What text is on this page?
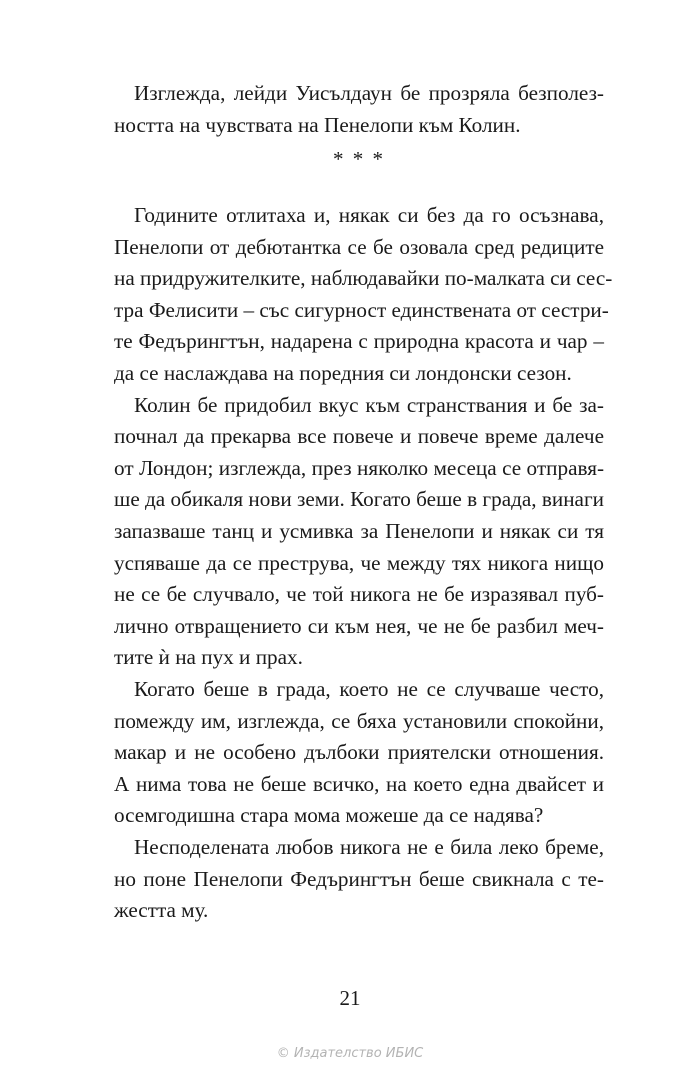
Изглежда, лейди Уисълдаун бе прозряла безполез-
ността на чувствата на Пенелопи към Колин.
* * *
Годините отлитаха и, някак си без да го осъзнава,
Пенелопи от дебютантка се бе озовала сред редиците
на придружителките, наблюдавайки по-малката си сес-
тра Фелисити – със сигурност единствената от сестри-
те Федърингтън, надарена с природна красота и чар –
да се наслаждава на поредния си лондонски сезон.
Колин бе придобил вкус към странствания и бе за-
почнал да прекарва все повече и повече време далече
от Лондон; изглежда, през няколко месеца се отправя-
ше да обикаля нови земи. Когато беше в града, винаги
запазваше танц и усмивка за Пенелопи и някак си тя
успяваше да се преструва, че между тях никога нищо
не се бе случвало, че той никога не бе изразявал пуб-
лично отвращението си към нея, че не бе разбил меч-
тите ѝ на пух и прах.
Когато беше в града, което не се случваше често,
помежду им, изглежда, се бяха установили спокойни,
макар и не особено дълбоки приятелски отношения.
А нима това не беше всичко, на което една двайсет и
осемгодишна стара мома можеше да се надява?
Несподелената любов никога не е била леко бреме,
но поне Пенелопи Федърингтън беше свикнала с те-
жестта му.
21
© Издателство ИБИС
